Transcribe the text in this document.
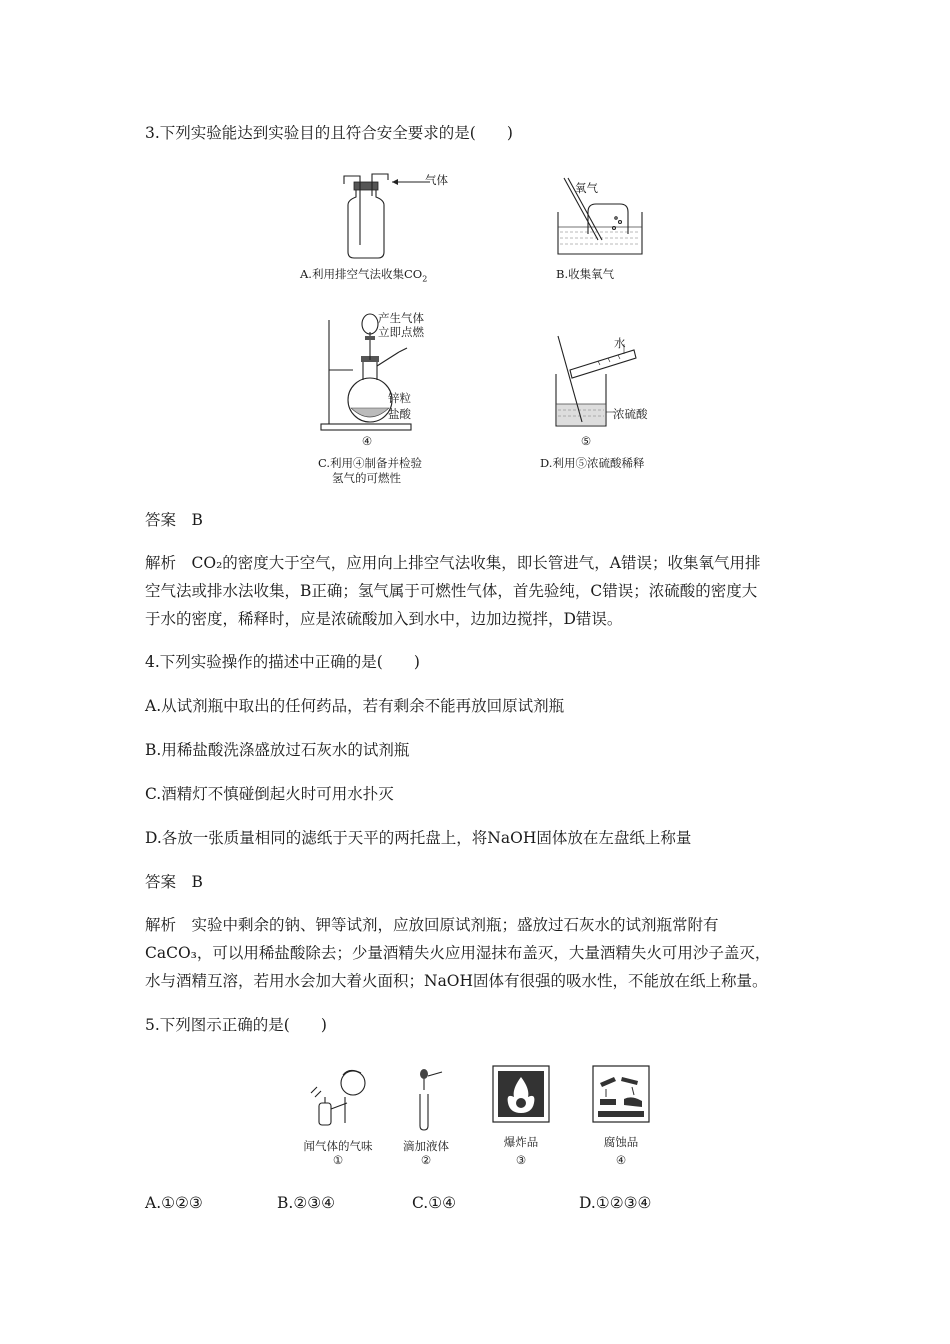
3.下列实验能达到实验目的且符合安全要求的是(　　)
气体
A.利用排空气法收集$CO_2$
氧气
B.收集氧气
产生气体
立即点燃
锌粒
盐酸
④
C.利用④制备并检验
氢气的可燃性
水
浓硫酸
⑤
D.利用⑤浓硫酸稀释
答案　B
解析　CO₂的密度大于空气，应用向上排空气法收集，即长管进气，A错误；收集氧气用排
空气法或排水法收集，B正确；氢气属于可燃性气体，首先验纯，C错误；浓硫酸的密度大
于水的密度，稀释时，应是浓硫酸加入到水中，边加边搅拌，D错误。
4.下列实验操作的描述中正确的是(　　)
A.从试剂瓶中取出的任何药品，若有剩余不能再放回原试剂瓶
B.用稀盐酸洗涤盛放过石灰水的试剂瓶
C.酒精灯不慎碰倒起火时可用水扑灭
D.各放一张质量相同的滤纸于天平的两托盘上，将NaOH固体放在左盘纸上称量
答案　B
解析　实验中剩余的钠、钾等试剂，应放回原试剂瓶；盛放过石灰水的试剂瓶常附有
CaCO₃，可以用稀盐酸除去；少量酒精失火应用湿抹布盖灭，大量酒精失火可用沙子盖灭，
水与酒精互溶，若用水会加大着火面积；NaOH固体有很强的吸水性，不能放在纸上称量。
5.下列图示正确的是(　　)
闻气体的气味
①
滴加液体
②
爆炸品
③
腐蚀品
④
A.①②③	B.②③④	C.①④	D.①②③④
